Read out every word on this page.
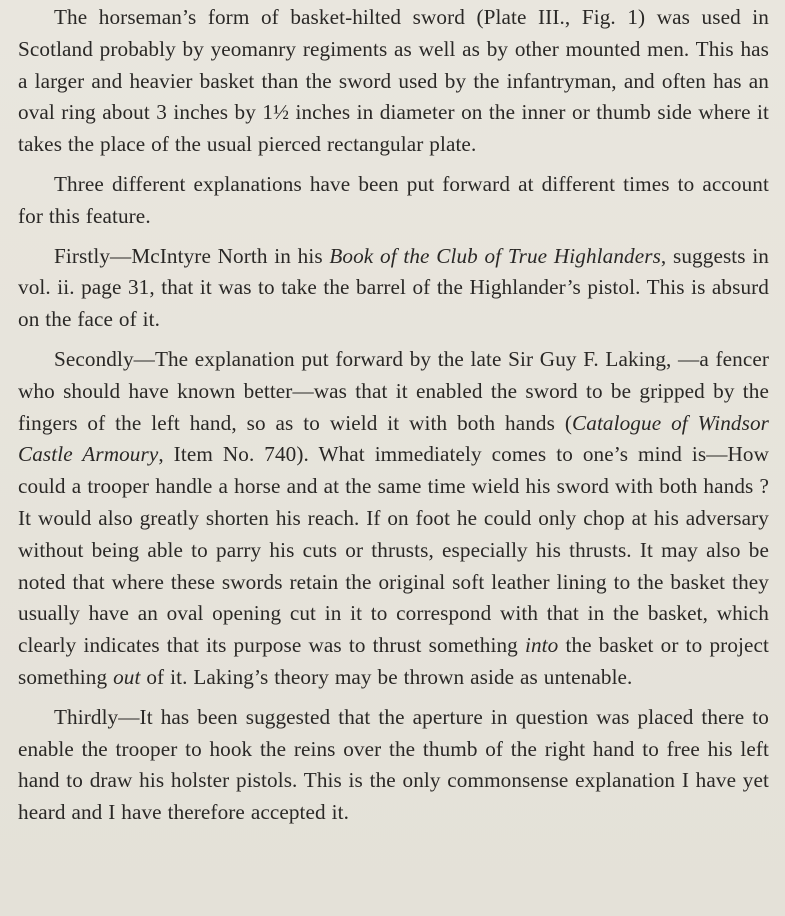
The horseman’s form of basket-hilted sword (Plate III., Fig. 1) was used in Scotland probably by yeomanry regiments as well as by other mounted men. This has a larger and heavier basket than the sword used by the infantryman, and often has an oval ring about 3 inches by 1½ inches in diameter on the inner or thumb side where it takes the place of the usual pierced rectangular plate.

Three different explanations have been put forward at different times to account for this feature.

Firstly—McIntyre North in his Book of the Club of True Highlanders, suggests in vol. ii. page 31, that it was to take the barrel of the Highlander’s pistol. This is absurd on the face of it.

Secondly—The explanation put forward by the late Sir Guy F. Laking, —a fencer who should have known better—was that it enabled the sword to be gripped by the fingers of the left hand, so as to wield it with both hands (Catalogue of Windsor Castle Armoury, Item No. 740). What immediately comes to one’s mind is—How could a trooper handle a horse and at the same time wield his sword with both hands ? It would also greatly shorten his reach. If on foot he could only chop at his adversary without being able to parry his cuts or thrusts, especially his thrusts. It may also be noted that where these swords retain the original soft leather lining to the basket they usually have an oval opening cut in it to correspond with that in the basket, which clearly indicates that its purpose was to thrust something into the basket or to project something out of it. Laking’s theory may be thrown aside as untenable.

Thirdly—It has been suggested that the aperture in question was placed there to enable the trooper to hook the reins over the thumb of the right hand to free his left hand to draw his holster pistols. This is the only commonsense explanation I have yet heard and I have therefore accepted it.
